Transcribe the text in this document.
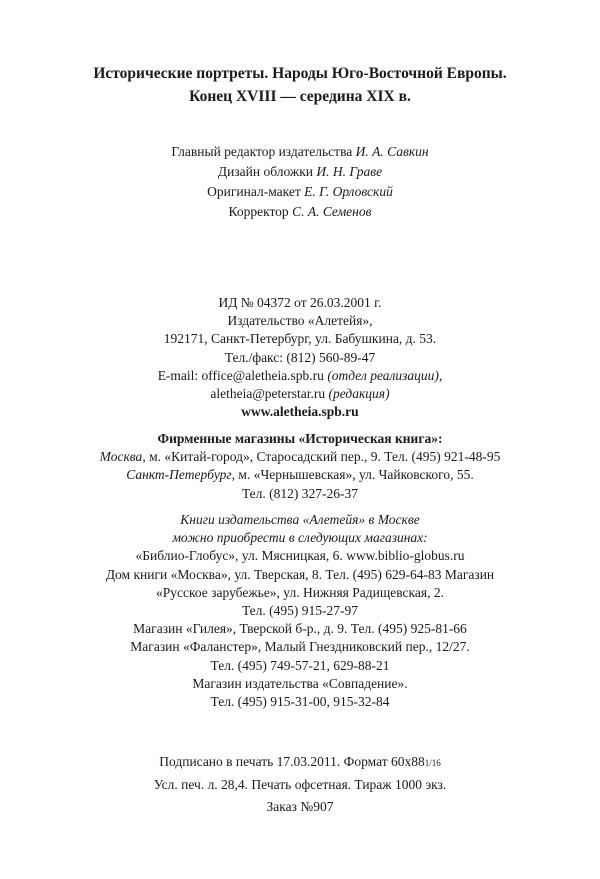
Исторические портреты. Народы Юго-Восточной Европы.
Конец XVIII — середина XIX в.
Главный редактор издательства И. А. Савкин
Дизайн обложки И. Н. Граве
Оригинал-макет Е. Г. Орловский
Корректор С. А. Семенов
ИД № 04372 от 26.03.2001 г.
Издательство «Алетейя»,
192171, Санкт-Петербург, ул. Бабушкина, д. 53.
Тел./факс: (812) 560-89-47
E-mail: office@aletheia.spb.ru (отдел реализации),
aletheia@peterstar.ru (редакция)
www.aletheia.spb.ru
Фирменные магазины «Историческая книга»:
Москва, м. «Китай-город», Старосадский пер., 9. Тел. (495) 921-48-95
Санкт-Петербург, м. «Чернышевская», ул. Чайковского, 55.
Тел. (812) 327-26-37
Книги издательства «Алетейя» в Москве
можно приобрести в следующих магазинах:
«Библио-Глобус», ул. Мясницкая, 6. www.biblio-globus.ru
Дом книги «Москва», ул. Тверская, 8. Тел. (495) 629-64-83 Магазин
«Русское зарубежье», ул. Нижняя Радищевская, 2.
Тел. (495) 915-27-97
Магазин «Гилея», Тверской б-р., д. 9. Тел. (495) 925-81-66
Магазин «Фаланстер», Малый Гнездниковский пер., 12/27.
Тел. (495) 749-57-21, 629-88-21
Магазин издательства «Совпадение».
Тел. (495) 915-31-00, 915-32-84
Подписано в печать 17.03.2011. Формат 60х881/16
Усл. печ. л. 28,4. Печать офсетная. Тираж 1000 экз.
Заказ №907
